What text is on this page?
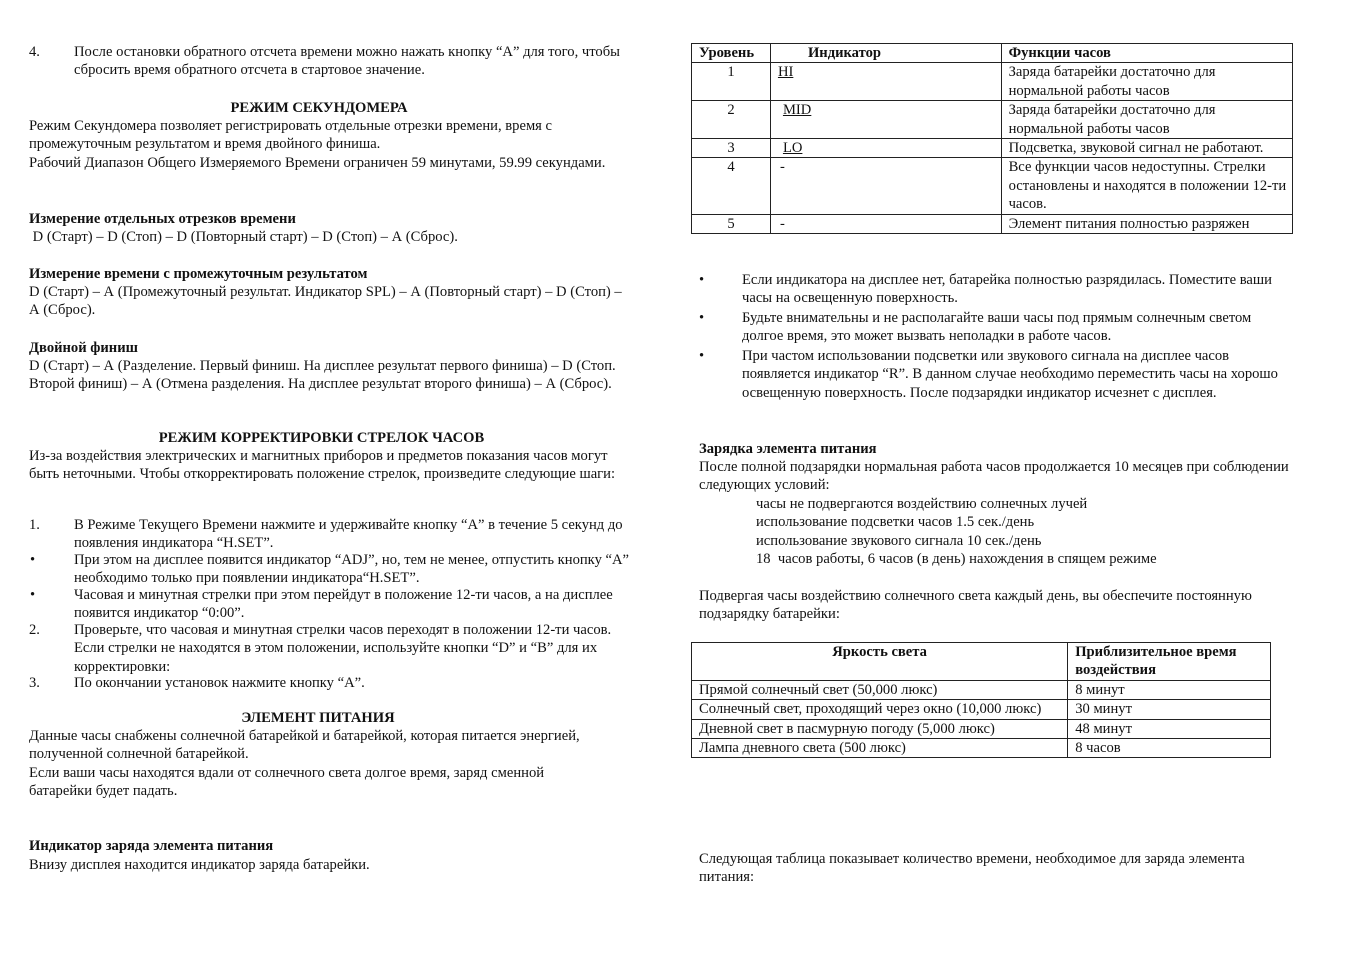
4.	После остановки обратного отсчета времени можно нажать кнопку “А” для того, чтобы сбросить время обратного отсчета в стартовое значение.

РЕЖИМ СЕКУНДОМЕРА

Режим Секундомера позволяет регистрировать отдельные отрезки времени, время с промежуточным результатом и время двойного финиша.

Рабочий Диапазон Общего Измеряемого Времени ограничен 59 минутами, 59.99 секундами.

Измерение отдельных отрезков времени

D (Старт) – D (Стоп) – D (Повторный старт) – D (Стоп) – А (Сброс).

Измерение времени с промежуточным результатом

D (Старт) – А (Промежуточный результат. Индикатор SPL) – А (Повторный старт) – D (Стоп) – А (Сброс).

Двойной финиш

D (Старт) – А (Разделение. Первый финиш. На дисплее результат первого финиша) – D (Стоп. Второй финиш) – А (Отмена разделения. На дисплее результат второго финиша) – А (Сброс).

РЕЖИМ КОРРЕКТИРОВКИ СТРЕЛОК ЧАСОВ

Из-за воздействия электрических и магнитных приборов и предметов показания часов могут быть неточными. Чтобы откорректировать положение стрелок, произведите следующие шаги:

1.	В Режиме Текущего Времени нажмите и удерживайте кнопку “А” в течение 5 секунд до появления индикатора “H.SET”.
•	При этом на дисплее появится индикатор “ADJ”, но, тем не менее, отпустить кнопку “А” необходимо только при появлении индикатора“H.SET”.
•	Часовая и минутная стрелки при этом перейдут в положение 12-ти часов, а на дисплее появится индикатор “0:00”.
2.	Проверьте, что часовая и минутная стрелки часов переходят в положении 12-ти часов. Если стрелки не находятся в этом положении, используйте кнопки “D” и “B” для их корректировки:
3.	По окончании установок нажмите кнопку “А”.

ЭЛЕМЕНТ ПИТАНИЯ

Данные часы снабжены солнечной батарейкой и батарейкой, которая питается энергией, полученной солнечной батарейкой.

Если ваши часы находятся вдали от солнечного света долгое время, заряд сменной батарейки будет падать.

Индикатор заряда элемента питания

Внизу дисплея находится индикатор заряда батарейки.

Уровень	Индикатор	Функции часов
1	HI	Заряда батарейки достаточно для нормальной работы часов
2	MID	Заряда батарейки достаточно для нормальной работы часов
3	LO	Подсветка, звуковой сигнал не работают.
4	-	Все функции часов недоступны. Стрелки остановлены и находятся в положении 12-ти часов.
5	-	Элемент питания полностью разряжен
•	Если индикатора на дисплее нет, батарейка полностью разрядилась. Поместите ваши часы на освещенную поверхность.
•	Будьте внимательны и не располагайте ваши часы под прямым солнечным светом долгое время, это может вызвать неполадки в работе часов.
•	При частом использовании подсветки или звукового сигнала на дисплее часов появляется индикатор “R”. В данном случае необходимо переместить часы на хорошо освещенную поверхность. После подзарядки индикатор исчезнет с дисплея.

Зарядка элемента питания

После полной подзарядки нормальная работа часов продолжается 10 месяцев при соблюдении следующих условий:

часы не подвергаются воздействию солнечных лучей

использование подсветки часов 1.5 сек./день

использование звукового сигнала 10 сек./день

18  часов работы, 6 часов (в день) нахождения в спящем режиме

Подвергая часы воздействию солнечного света каждый день, вы обеспечите постоянную подзарядку батарейки:

Следующая таблица показывает количество времени, необходимое для заряда элемента питания:

Яркость света	Приблизительное время воздействия
Прямой солнечный свет (50,000 люкс)	8 минут
Солнечный свет, проходящий через окно (10,000 люкс)	30 минут
Дневной свет в пасмурную погоду (5,000 люкс)	48 минут
Лампа дневного света (500 люкс)	8 часов
